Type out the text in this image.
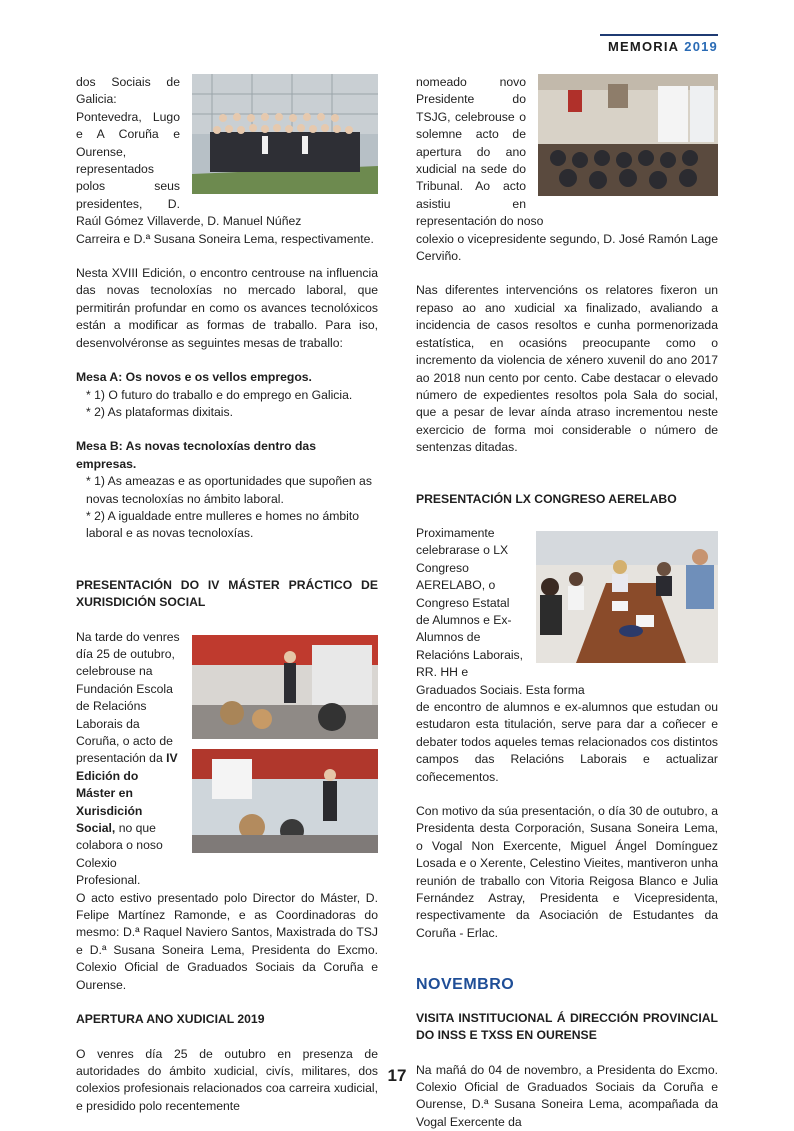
MEMORIA 2019

dos Sociais de Galicia: Pontevedra, Lugo e A Coruña e Ourense, representados polos seus presidentes, D. Raúl Gómez Villaverde, D. Manuel Núñez

Carreira e D.ª Susana Soneira Lema, respectivamente.

Nesta XVIII Edición, o encontro centrouse na influencia das novas tecnoloxías no mercado laboral, que permitirán profundar en como os avances tecnolóxicos están a modificar as formas de traballo. Para iso, desenvolvéronse as seguintes mesas de traballo:

Mesa A: Os novos e os vellos empregos.
* 1) O futuro do traballo e do emprego en Galicia.
* 2) As plataformas dixitais.
Mesa B: As novas tecnoloxías dentro das empresas.
* 1) As ameazas e as oportunidades que supoñen as novas tecnoloxías no ámbito laboral.
* 2) A igualdade entre mulleres e homes no ámbito laboral e as novas tecnoloxías.
PRESENTACIÓN DO IV MÁSTER PRÁCTICO DE XURISDICIÓN SOCIAL

Na tarde do venres día 25 de outubro, celebrouse na Fundación Escola de Relacións Laborais da Coruña, o acto de presentación da IV Edición do Máster en Xurisdición Social, no que colabora o noso Colexio Profesional.

O acto estivo presentado polo Director do Máster, D. Felipe Martínez Ramonde, e as Coordinadoras do mesmo: D.ª Raquel Naviero Santos, Maxistrada do TSJ e D.ª Susana Soneira Lema, Presidenta do Excmo. Colexio Oficial de Graduados Sociais da Coruña e Ourense.

APERTURA ANO XUDICIAL 2019

O venres día 25 de outubro en presenza de autoridades do ámbito xudicial, civís, militares, dos colexios profesionais relacionados coa carreira xudicial, e presidido polo recentemente

nomeado novo Presidente do TSJG, celebrouse o solemne acto de apertura do ano xudicial na sede do Tribunal. Ao acto asistiu en representación do noso

colexio o vicepresidente segundo, D. José Ramón Lage Cerviño.

Nas diferentes intervencións os relatores fixeron un repaso ao ano xudicial xa finalizado, avaliando a incidencia de casos resoltos e cunha pormenorizada estatística, en ocasións preocupante como o incremento da violencia de xénero xuvenil do ano 2017 ao 2018 nun cento por cento. Cabe destacar o elevado número de expedientes resoltos pola Sala do social, que a pesar de levar aínda atraso incrementou neste exercicio de forma moi considerable o número de sentenzas ditadas.

PRESENTACIÓN LX CONGRESO AERELABO

Proximamente celebrarase o LX Congreso AERELABO, o Congreso Estatal de Alumnos e Ex-Alumnos de Relacións Laborais, RR. HH e Graduados Sociais. Esta forma

de encontro de alumnos e ex-alumnos que estudan ou estudaron esta titulación, serve para dar a coñecer e debater todos aqueles temas relacionados cos distintos campos das Relacións Laborais e actualizar coñecementos.

Con motivo da súa presentación, o día 30 de outubro, a Presidenta desta Corporación, Susana Soneira Lema, o Vogal Non Exercente, Miguel Ángel Domínguez Losada e o Xerente, Celestino Vieites, mantiveron unha reunión de traballo con Vitoria Reigosa Blanco e Julia Fernández Astray, Presidenta e Vicepresidenta, respectivamente da Asociación de Estudantes da Coruña - Erlac.

NOVEMBRO
VISITA INSTITUCIONAL Á DIRECCIÓN PROVINCIAL DO INSS E TXSS EN OURENSE

Na mañá do 04 de novembro, a Presidenta do Excmo. Colexio Oficial de Graduados Sociais da Coruña e Ourense, D.ª Susana Soneira Lema, acompañada da Vogal Exercente da

17
